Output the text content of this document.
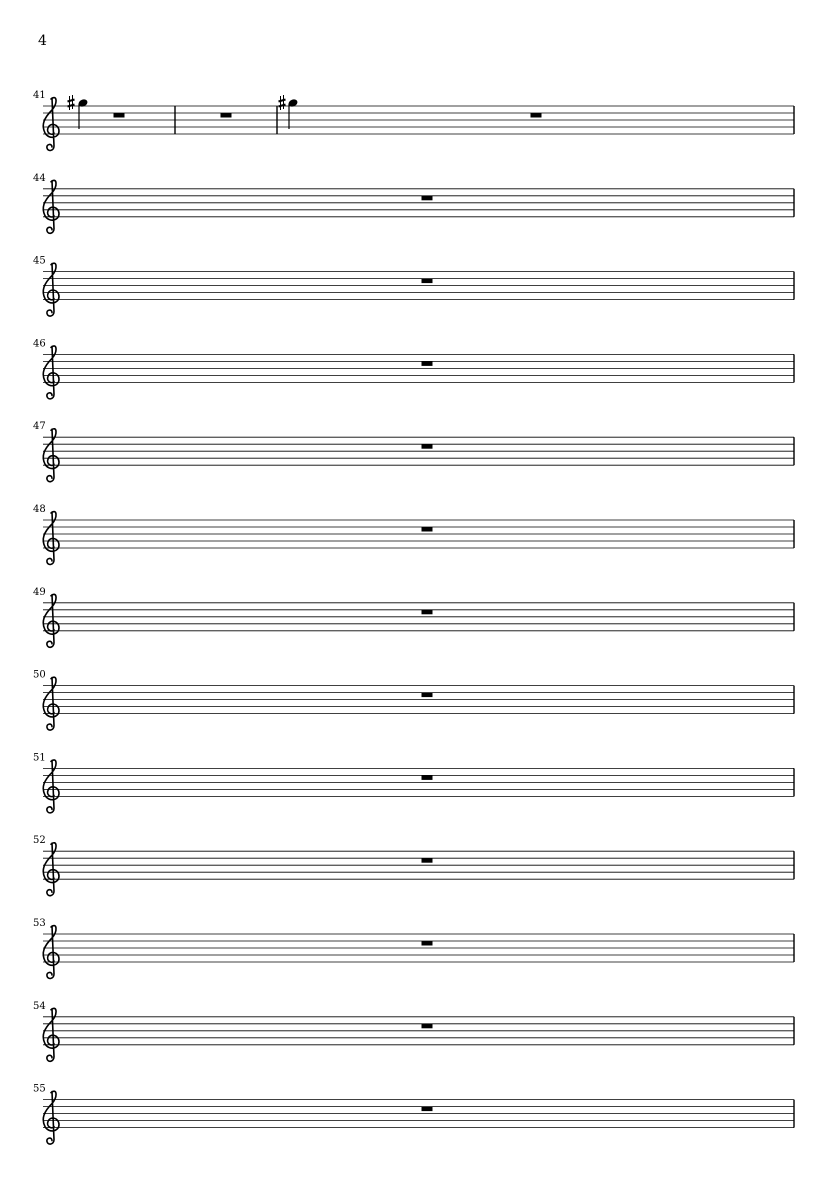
4
41
44
45
46
47
48
49
50
51
52
53
54
55
